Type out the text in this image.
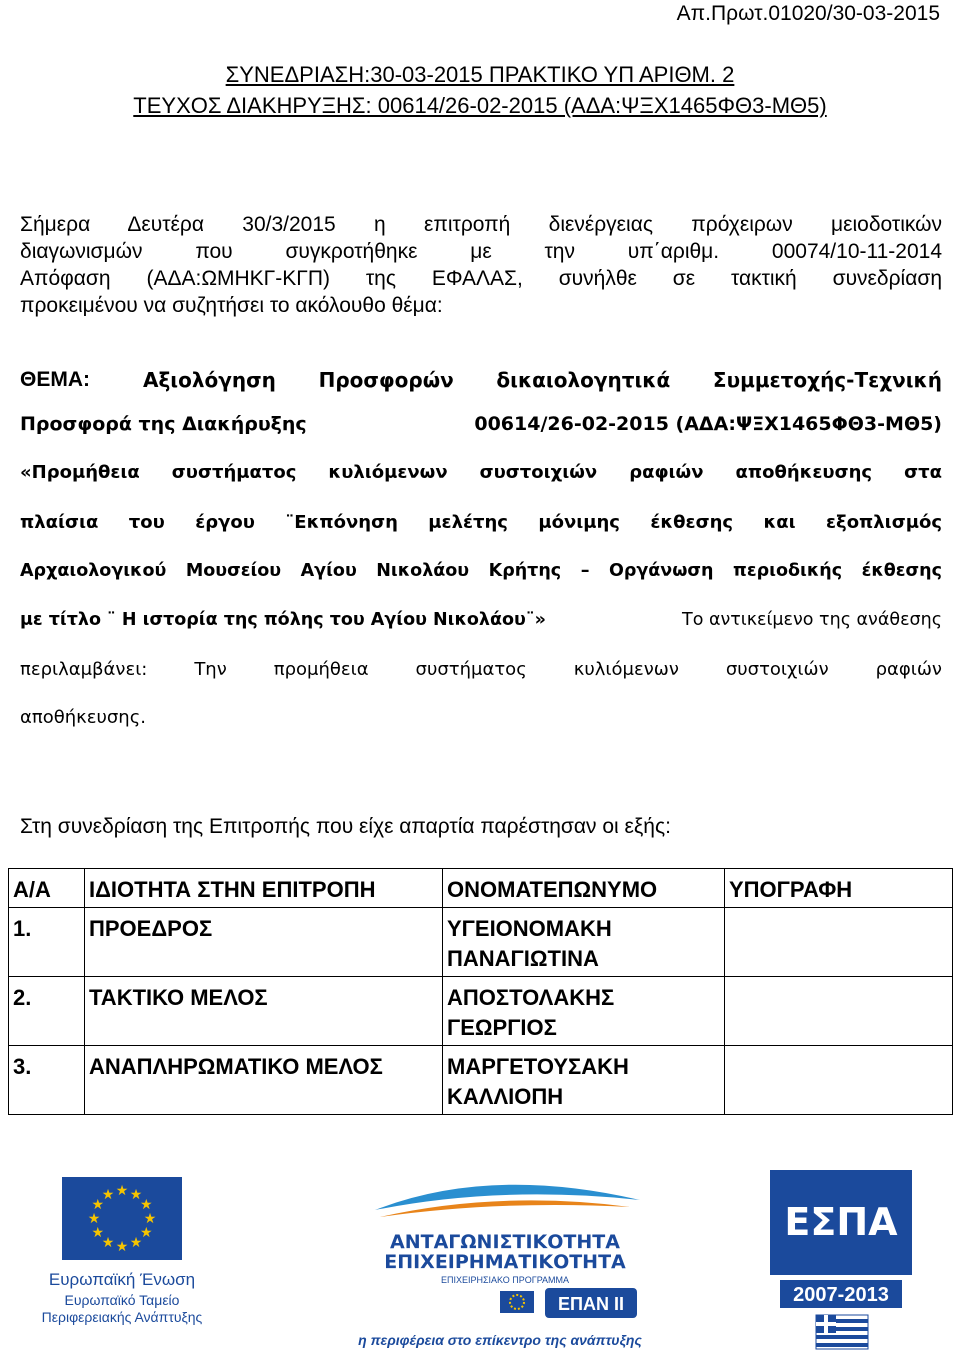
Απ.Πρωτ.01020/30-03-2015
ΣΥΝΕΔΡΙΑΣΗ:30-03-2015 ΠΡΑΚΤΙΚΟ ΥΠ ΑΡΙΘΜ. 2
ΤΕΥΧΟΣ ΔΙΑΚΗΡΥΞΗΣ: 00614/26-02-2015 (ΑΔΑ:ΨΞΧ1465ΦΘ3-ΜΘ5)
Σήμερα Δευτέρα 30/3/2015 η επιτροπή διενέργειας πρόχειρων μειοδοτικών
διαγωνισμών που συγκροτήθηκε με την υπ΄αριθμ. 00074/10-11-2014
Απόφαση (ΑΔΑ:ΩΜΗΚΓ-ΚΓΠ) της ΕΦΑΛΑΣ, συνήλθε σε τακτική συνεδρίαση
προκειμένου να συζητήσει το ακόλουθο θέμα:
ΘΕΜΑ:	Αξιολόγηση Προσφορών δικαιολογητικά Συμμετοχής-Τεχνική
Προσφορά της Διακήρυξης	00614/26-02-2015 (ΑΔΑ:ΨΞΧ1465ΦΘ3-ΜΘ5)
«Προμήθεια συστήματος κυλιόμενων συστοιχιών ραφιών αποθήκευσης στα
πλαίσια του έργου ¨Εκπόνηση μελέτης μόνιμης έκθεσης και εξοπλισμός
Αρχαιολογικού Μουσείου Αγίου Νικολάου Κρήτης – Οργάνωση περιοδικής έκθεσης
με τίτλο ¨ Η ιστορία της πόλης του Αγίου Νικολάου¨»	Το αντικείμενο της ανάθεσης
περιλαμβάνει: Την προμήθεια συστήματος κυλιόμενων συστοιχιών ραφιών
αποθήκευσης.
Στη συνεδρίαση της Επιτροπής που είχε απαρτία παρέστησαν οι εξής:
Α/Α	ΙΔΙΟΤΗΤΑ ΣΤΗΝ ΕΠΙΤΡΟΠΗ	ΟΝΟΜΑΤΕΠΩΝΥΜΟ	ΥΠΟΓΡΑΦΗ
1.	ΠΡΟΕΔΡΟΣ	ΥΓΕΙΟΝΟΜΑΚΗ ΠΑΝΑΓΙΩΤΙΝΑ	
2.	ΤΑΚΤΙΚΟ ΜΕΛΟΣ	ΑΠΟΣΤΟΛΑΚΗΣ ΓΕΩΡΓΙΟΣ	
3.	ΑΝΑΠΛΗΡΩΜΑΤΙΚΟ ΜΕΛΟΣ	ΜΑΡΓΕΤΟΥΣΑΚΗ ΚΑΛΛΙΟΠΗ	
★ ★
★
★
★
★
★
★
★
★
★
★
Ευρωπαϊκή Ένωση
Ευρωπαϊκό Ταμείο
Περιφερειακής Ανάπτυξης
ΑΝΤΑΓΩΝΙΣΤΙΚΟΤΗΤΑ
ΕΠΙΧΕΙΡΗΜΑΤΙΚΟΤΗΤΑ
ΕΠΙΧΕΙΡΗΣΙΑΚΟ ΠΡΟΓΡΑΜΜΑ
ΕΠΑΝ ΙΙ
η περιφέρεια στο επίκεντρο της ανάπτυξης
ΕΣΠΑ
2007-2013
